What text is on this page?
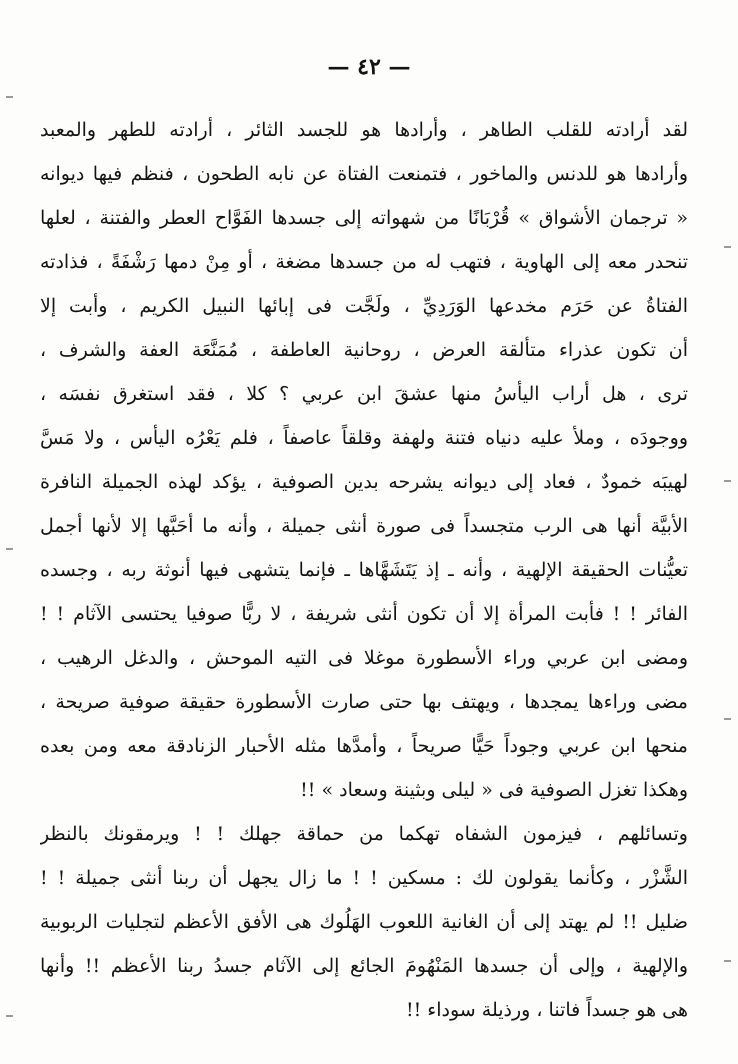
— ٤٢ —
لقد أرادته للقلب الطاهر ، وأرادها هو للجسد الثائر ، أرادته للطهر والمعبد
وأرادها هو للدنس والماخور ، فتمنعت الفتاة عن نابه الطحون ، فنظم فيها ديوانه
« ترجمان الأشواق » قُرْبَانًا من شهواته إلى جسدها الفَوَّاح العطر والفتنة ، لعلها
تنحدر معه إلى الهاوية ، فتهب له من جسدها مضغة ، أو مِنْ دمها رَشْفَةً ، فذادته
الفتاةُ عن حَرَم مخدعها الوَرَدِيِّ ، ولَجَّت فى إبائها النبيل الكريم ، وأبت إلا
أن تكون عذراء متألقة العرض ، روحانية العاطفة ، مُمَنَّعَة العفة والشرف ،
ترى ، هل أراب اليأسُ منها عشقَ ابن عربي ؟ كلا ، فقد استغرق نفسَه ،
ووجودَه ، وملأ عليه دنياه فتنة ولهفة وقلقاً عاصفاً ، فلم يَعْرُه اليأس ، ولا مَسَّ
لهيبَه خمودٌ ، فعاد إلى ديوانه يشرحه بدين الصوفية ، يؤكد لهذه الجميلة النافرة
الأبيَّة أنها هى الرب متجسداً فى صورة أنثى جميلة ، وأنه ما أحَبَّها إلا لأنها أجمل
تعيُّنات الحقيقة الإلهية ، وأنه ـ إذ يَتَشَهَّاها ـ فإنما يتشهى فيها أنوثة ربه ، وجسده
الفائر ! ! فأبت المرأة إلا أن تكون أنثى شريفة ، لا ربًّا صوفيا يحتسى الآثام ! !
ومضى ابن عربي وراء الأسطورة موغلا فى التيه الموحش ، والدغل الرهيب ،
مضى وراءها يمجدها ، ويهتف بها حتى صارت الأسطورة حقيقة صوفية صريحة ،
منحها ابن عربي وجوداً حَيًّا صريحاً ، وأمدَّها مثله الأحبار الزنادقة معه ومن بعده
وهكذا تغزل الصوفية فى « ليلى وبثينة وسعاد » !!
وتسائلهم ، فيزمون الشفاه تهكما من حماقة جهلك ! ! ويرمقونك بالنظر
الشَّزْر ، وكأنما يقولون لك : مسكين ! ! ما زال يجهل أن ربنا أنثى جميلة ! !
ضليل !! لم يهتد إلى أن الغانية اللعوب الهَلُوك هى الأفق الأعظم لتجليات الربوبية
والإلهية ، وإلى أن جسدها المَنْهُومَ الجائع إلى الآثام جسدُ ربنا الأعظم !! وأنها
هى هو جسداً فاتنا ، ورذيلة سوداء !!
